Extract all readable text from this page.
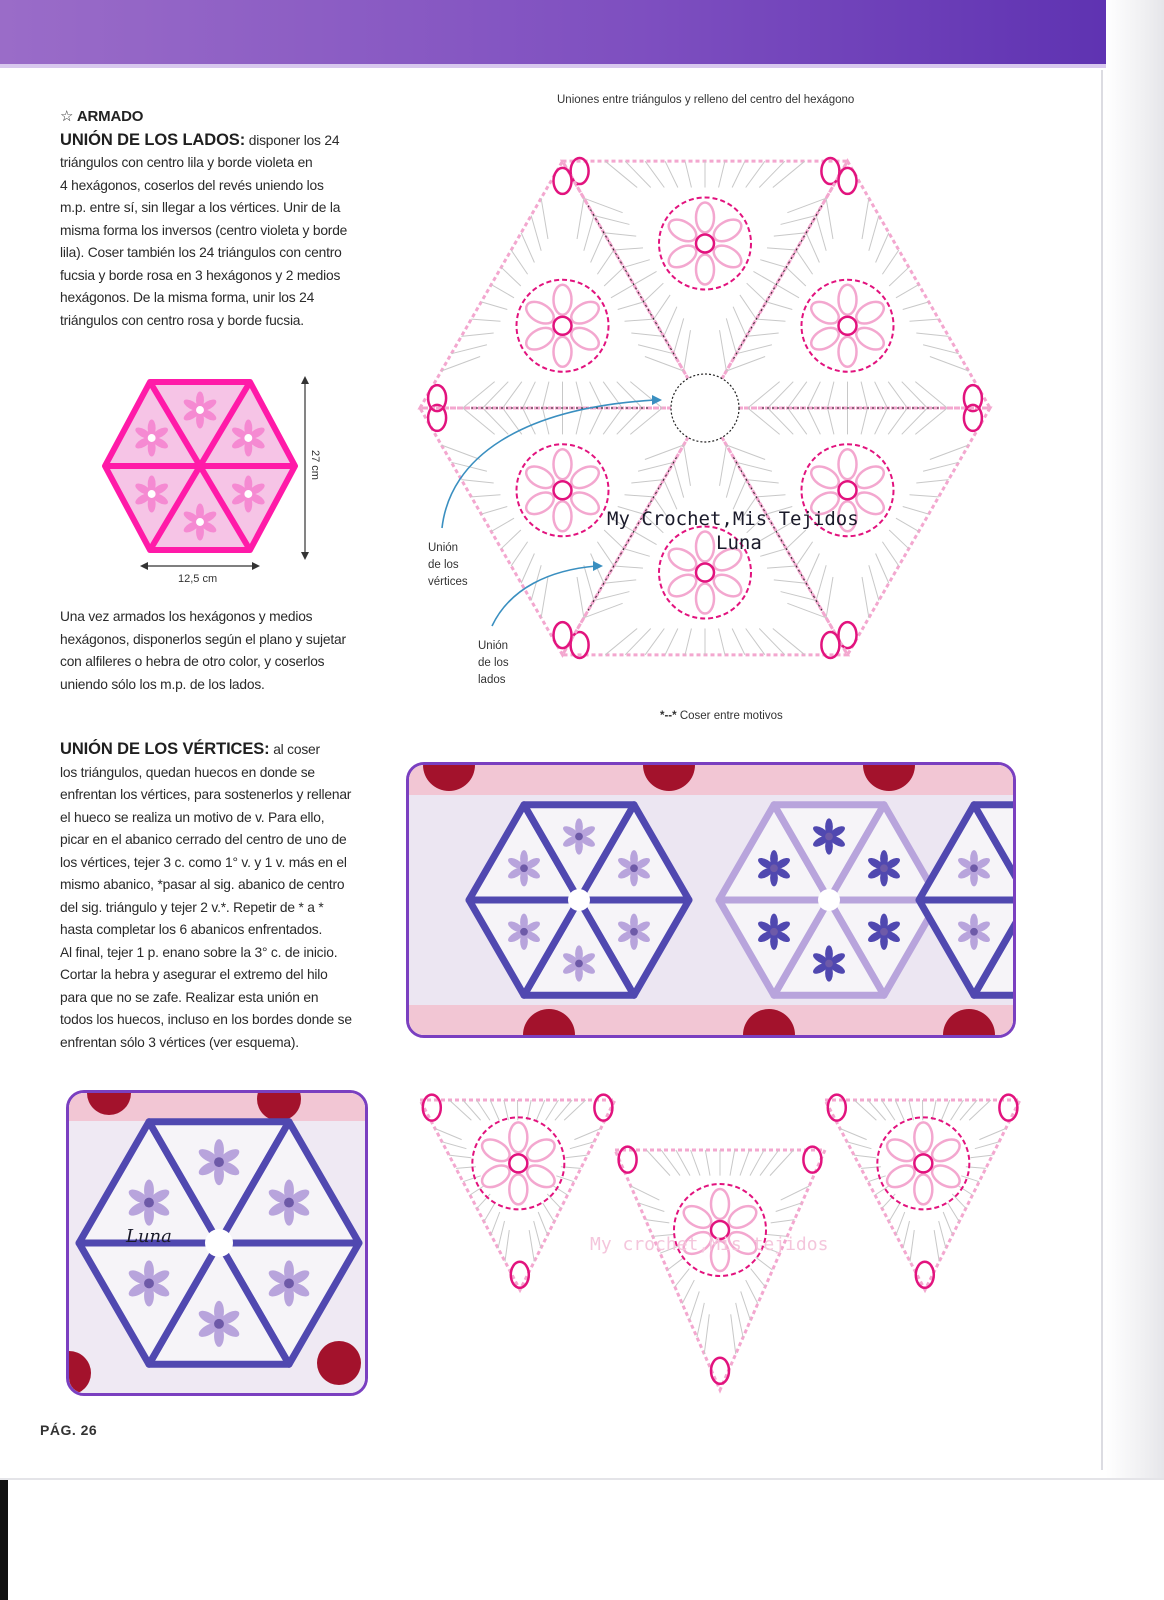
☆ ARMADO

UNIÓN DE LOS LADOS: disponer los 24

triángulos con centro lila y borde violeta en

4 hexágonos, coserlos del revés uniendo los

m.p. entre sí, sin llegar a los vértices. Unir de la

misma forma los inversos (centro violeta y borde

lila). Coser también los 24 triángulos con centro

fucsia y borde rosa en 3 hexágonos y 2 medios

hexágonos. De la misma forma, unir los 24

triángulos con centro rosa y borde fucsia.

27 cm
12,5 cm

Una vez armados los hexágonos y medios

hexágonos, disponerlos según el plano y sujetar

con alfileres o hebra de otro color, y coserlos

uniendo sólo los m.p. de los lados.

UNIÓN DE LOS VÉRTICES: al coser

los triángulos, quedan huecos en donde se

enfrentan los vértices, para sostenerlos y rellenar

el hueco se realiza un motivo de v. Para ello,

picar en el abanico cerrado del centro de uno de

los vértices, tejer 3 c. como 1° v. y 1 v. más en el

mismo abanico, *pasar al sig. abanico de centro

del sig. triángulo y tejer 2 v.*. Repetir de * a *

hasta completar los 6 abanicos enfrentados.

Al final, tejer 1 p. enano sobre la 3° c. de inicio.

Cortar la hebra y asegurar el extremo del hilo

para que no se zafe. Realizar esta unión en

todos los huecos, incluso en los bordes donde se

enfrentan sólo 3 vértices (ver esquema).

Uniones entre triángulos y relleno del centro del hexágono
Unión
de los
vértices
Unión
de los
lados
*--* Coser entre motivos
My Crochet,Mis Tejidos
Luna
Luna	My crochet,Mis tejidos
PÁG. 26
